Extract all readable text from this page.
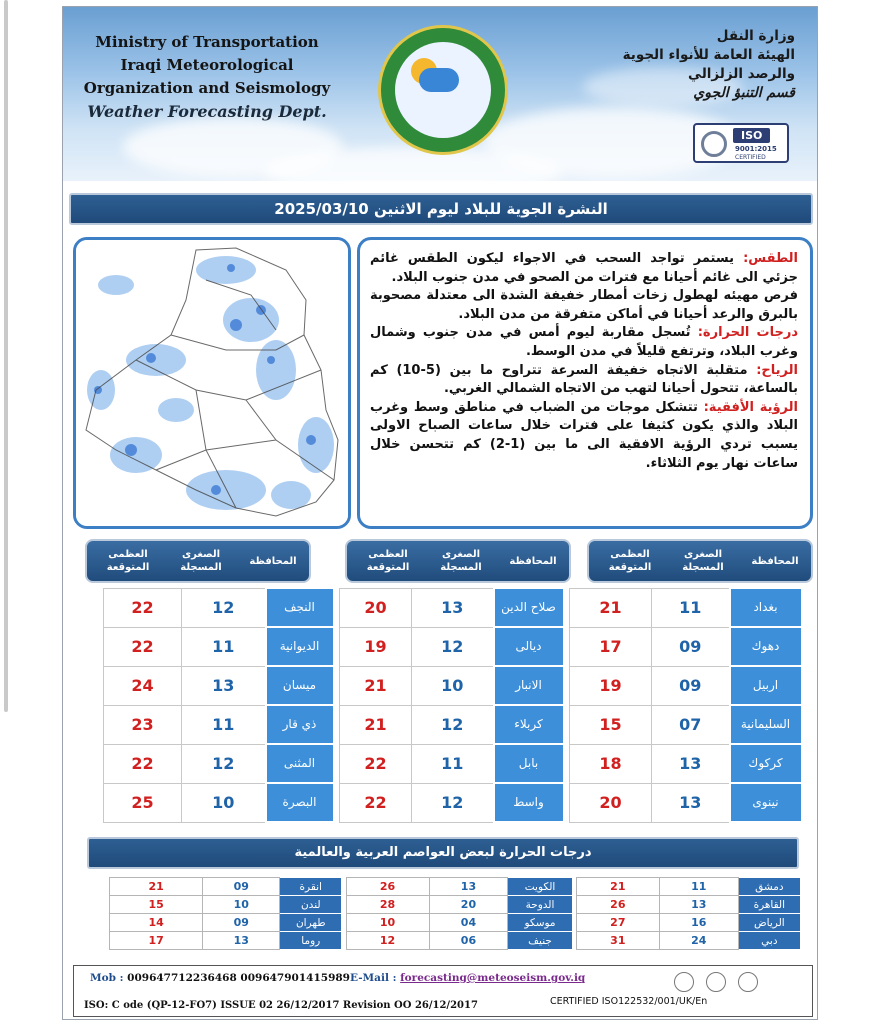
Ministry of Transportation
Iraqi Meteorological
Organization and Seismology
Weather Forecasting Dept.
وزارة النقل
الهيئة العامة للأنواء الجوية
والرصد الزلزالي
قسم التنبؤ الجوي
ISO
9001:2015
CERTIFIED
النشرة الجوية للبلاد ليوم الاثنين 2025/03/10

الطقس: يستمر تواجد السحب في الاجواء ليكون الطقس غائم جزئي الى غائم أحيانا مع فترات من الصحو في مدن جنوب البلاد.

فرص مهيئه لهطول زخات أمطار خفيفة الشدة الى معتدلة مصحوبة بالبرق والرعد أحيانا في أماكن متفرقة من مدن البلاد.

درجات الحرارة: تُسجل مقاربة ليوم أمس في مدن جنوب وشمال وغرب البلاد، وترتفع قليلاً في مدن الوسط.

الرياح: متقلبة الاتجاه خفيفة السرعة تتراوح ما بين (5-10) كم بالساعة، تتحول أحيانا لتهب من الاتجاه الشمالي الغربي.

الرؤية الأفقية: تتشكل موجات من الضباب في مناطق وسط وغرب البلاد والذي يكون كثيفا على فترات خلال ساعات الصباح الاولى يسبب تردي الرؤية الافقية الى ما بين (1-2) كم تتحسن خلال ساعات نهار يوم الثلاثاء.

المحافظة
الصغرى
المسجلة
العظمى
المتوقعة
المحافظة
الصغرى
المسجلة
العظمى
المتوقعة
المحافظة
الصغرى
المسجلة
العظمى
المتوقعة
22	12	النجف		20	13	صلاح الدين		21	11	بغداد
22	11	الديوانية		19	12	ديالى		17	09	دهوك
24	13	ميسان		21	10	الانبار		19	09	اربيل
23	11	ذي قار		21	12	كربلاء		15	07	السليمانية
22	12	المثنى		22	11	بابل		18	13	كركوك
25	10	البصرة		22	12	واسط		20	13	نينوى
درجات الحرارة لبعض العواصم العربية والعالمية
21	09	انقرة		26	13	الكويت		21	11	دمشق
15	10	لندن		28	20	الدوحة		26	13	القاهرة
14	09	طهران		10	04	موسكو		27	16	الرياض
17	13	روما		12	06	جنيف		31	24	دبي
Mob : 009647712236468 009647901415989 E-Mail : forecasting@meteoseism.gov.iq
ISO: C ode (QP-12-FO7) ISSUE 02 26/12/2017 Revision OO 26/12/2017	CERTIFIED ISO122532/001/UK/En
